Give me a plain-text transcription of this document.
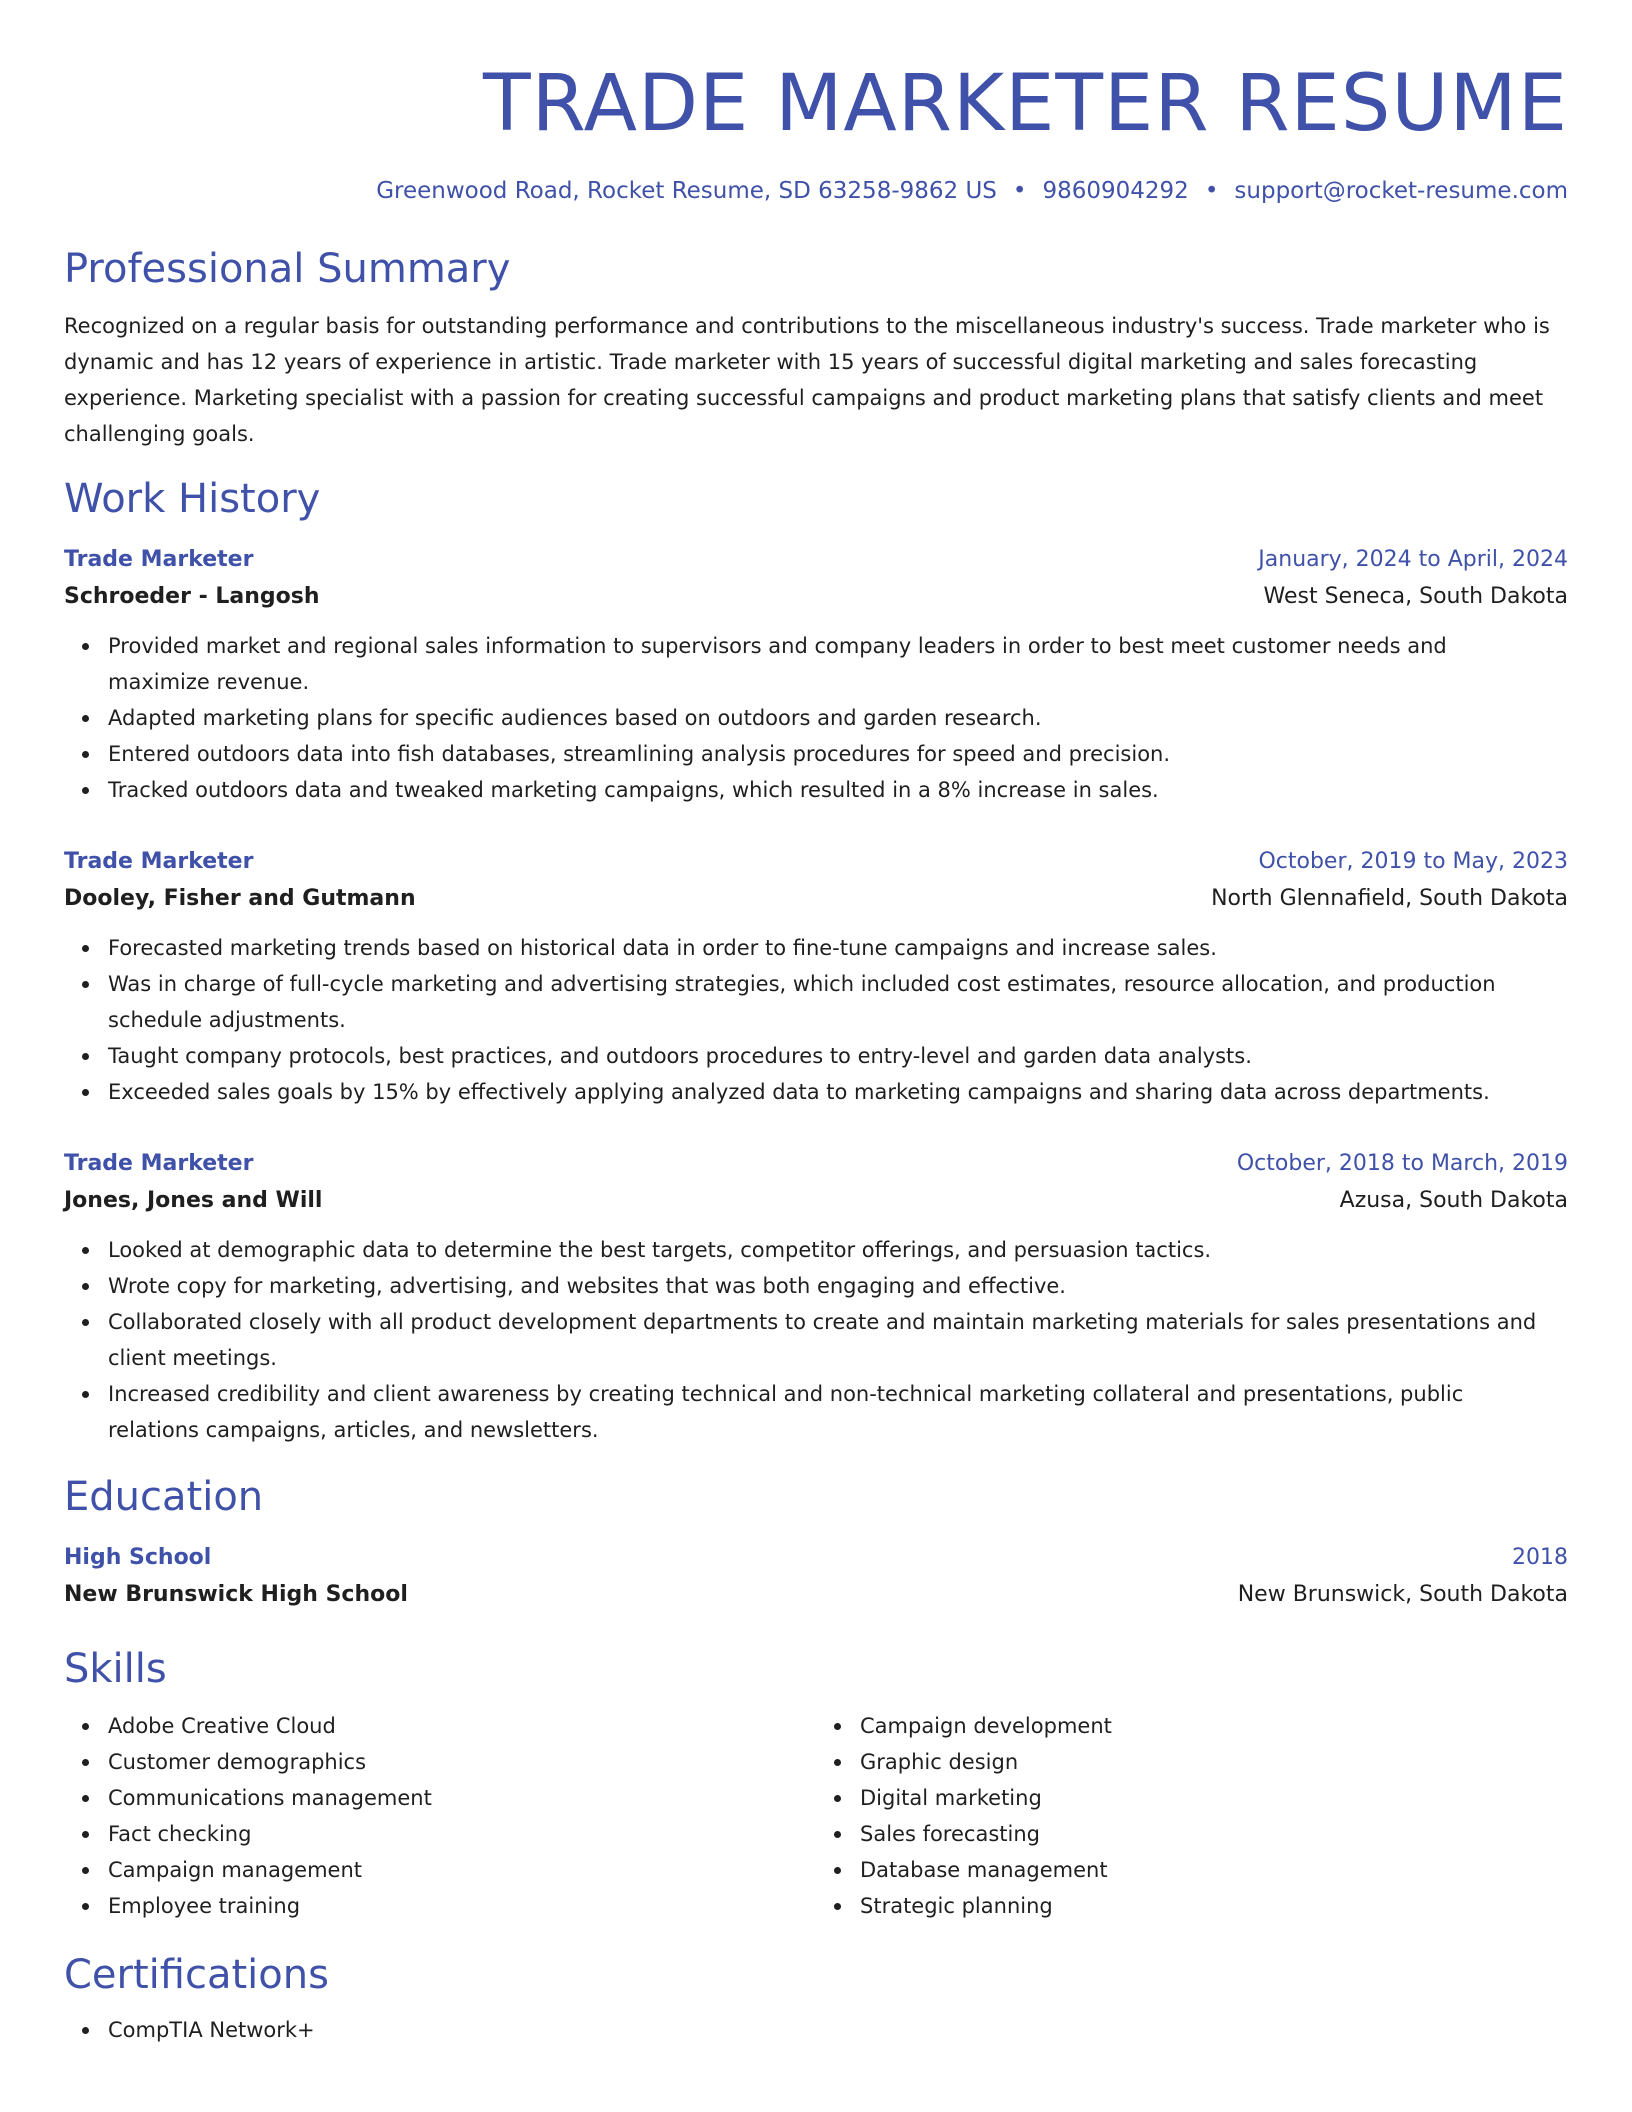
TRADE MARKETER RESUME
Greenwood Road, Rocket Resume, SD 63258-9862 US • 9860904292 • support@rocket-resume.com
Professional Summary
Recognized on a regular basis for outstanding performance and contributions to the miscellaneous industry's success. Trade marketer who is dynamic and has 12 years of experience in artistic. Trade marketer with 15 years of successful digital marketing and sales forecasting experience. Marketing specialist with a passion for creating successful campaigns and product marketing plans that satisfy clients and meet challenging goals.
Work History
Trade Marketer	January, 2024 to April, 2024
Schroeder - Langosh	West Seneca, South Dakota
Provided market and regional sales information to supervisors and company leaders in order to best meet customer needs and maximize revenue.
Adapted marketing plans for specific audiences based on outdoors and garden research.
Entered outdoors data into fish databases, streamlining analysis procedures for speed and precision.
Tracked outdoors data and tweaked marketing campaigns, which resulted in a 8% increase in sales.
Trade Marketer	October, 2019 to May, 2023
Dooley, Fisher and Gutmann	North Glennafield, South Dakota
Forecasted marketing trends based on historical data in order to fine-tune campaigns and increase sales.
Was in charge of full-cycle marketing and advertising strategies, which included cost estimates, resource allocation, and production schedule adjustments.
Taught company protocols, best practices, and outdoors procedures to entry-level and garden data analysts.
Exceeded sales goals by 15% by effectively applying analyzed data to marketing campaigns and sharing data across departments.
Trade Marketer	October, 2018 to March, 2019
Jones, Jones and Will	Azusa, South Dakota
Looked at demographic data to determine the best targets, competitor offerings, and persuasion tactics.
Wrote copy for marketing, advertising, and websites that was both engaging and effective.
Collaborated closely with all product development departments to create and maintain marketing materials for sales presentations and client meetings.
Increased credibility and client awareness by creating technical and non-technical marketing collateral and presentations, public relations campaigns, articles, and newsletters.
Education
High School	2018
New Brunswick High School	New Brunswick, South Dakota
Skills
Adobe Creative Cloud
Customer demographics
Communications management
Fact checking
Campaign management
Employee training
Campaign development
Graphic design
Digital marketing
Sales forecasting
Database management
Strategic planning
Certifications
CompTIA Network+
